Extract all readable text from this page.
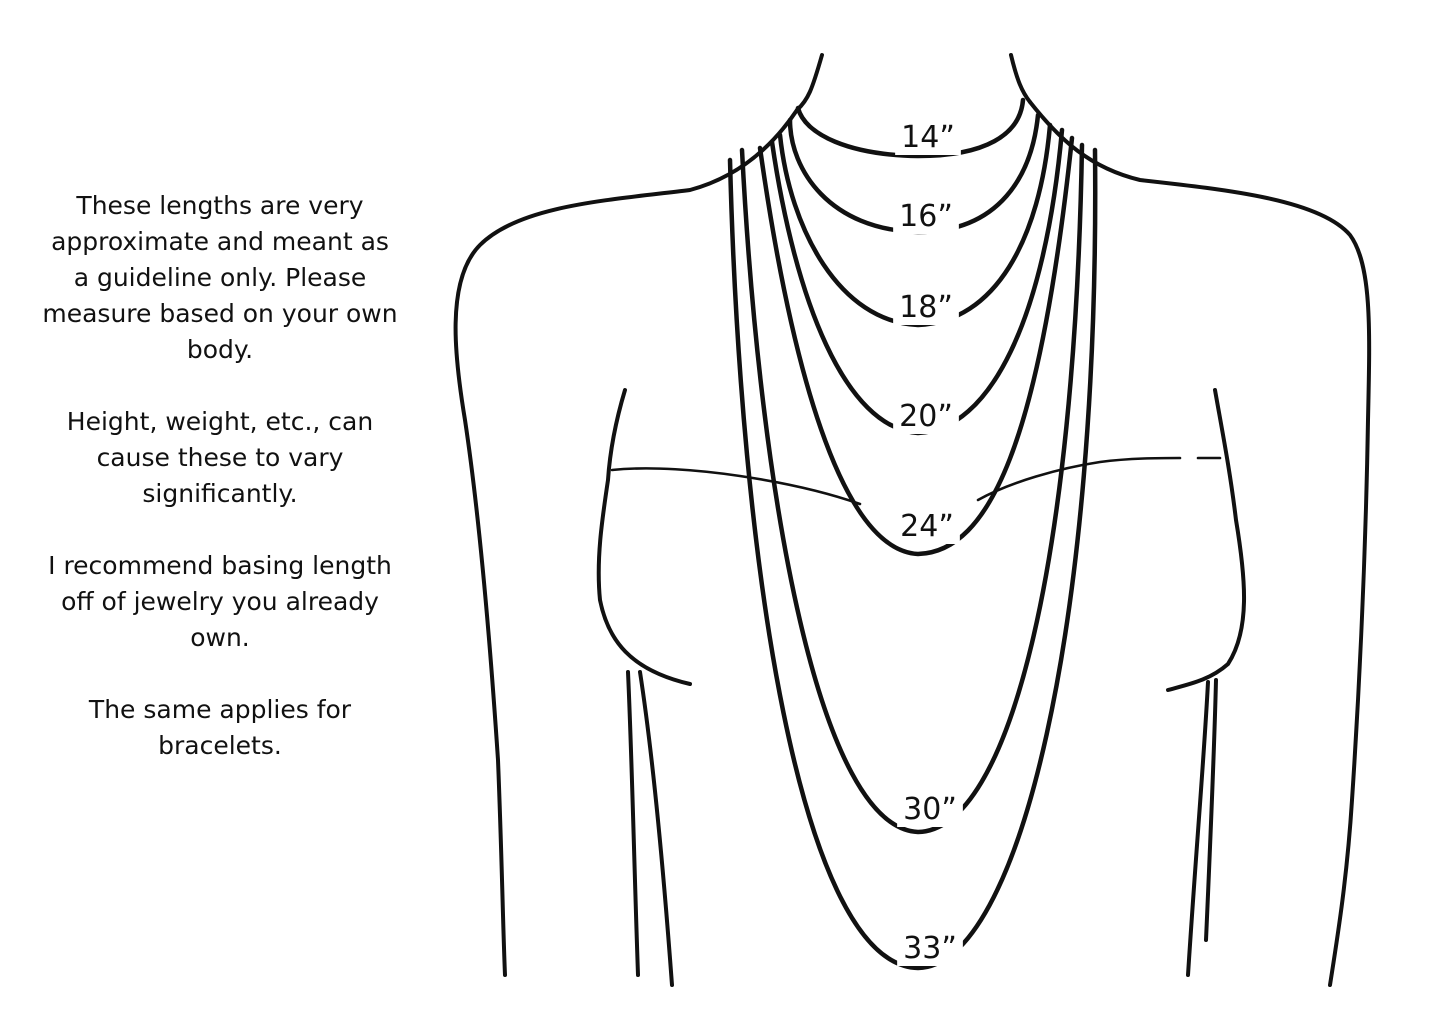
These lengths are very approximate and meant as a guideline only. Please measure based on your own body.

Height, weight, etc., can cause these to vary significantly.

I recommend basing length off of jewelry you already own.

The same applies for bracelets.

14”
16”
18”
20”
24”
30”
33”
